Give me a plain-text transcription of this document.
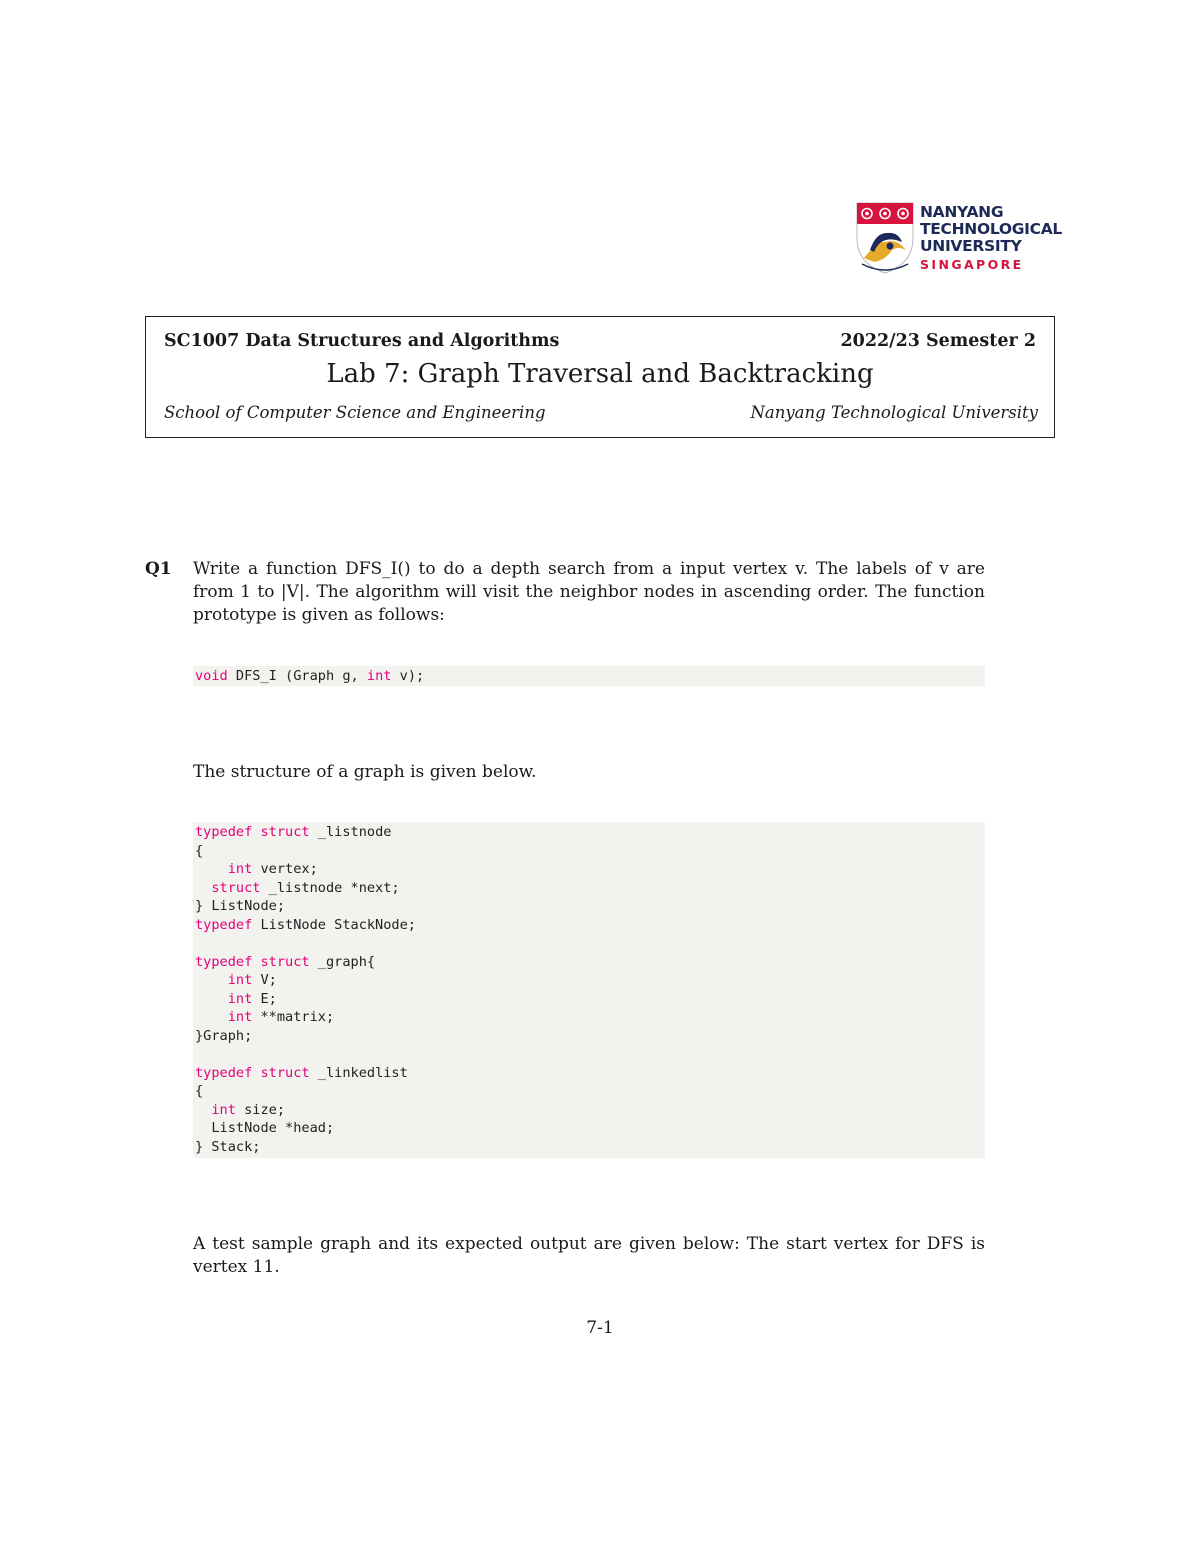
NANYANG
TECHNOLOGICAL
UNIVERSITY
SINGAPORE
SC1007 Data Structures and Algorithms	2022/23 Semester 2
Lab 7: Graph Traversal and Backtracking
School of Computer Science and Engineering	Nanyang Technological University
Q1 Write a function DFS_I() to do a depth search from a input vertex v. The labels of v are from 1 to |V|. The algorithm will visit the neighbor nodes in ascending order. The function prototype is given as follows:
void DFS_I (Graph g, int v);
The structure of a graph is given below.
typedef struct _listnode
{
int vertex;
struct _listnode *next;
} ListNode;
typedef ListNode StackNode;
typedef struct _graph{
int V;
int E;
int **matrix;
}Graph;
typedef struct _linkedlist
{
int size;
ListNode *head;
} Stack;
A test sample graph and its expected output are given below: The start vertex for DFS is vertex 11.
7-1
